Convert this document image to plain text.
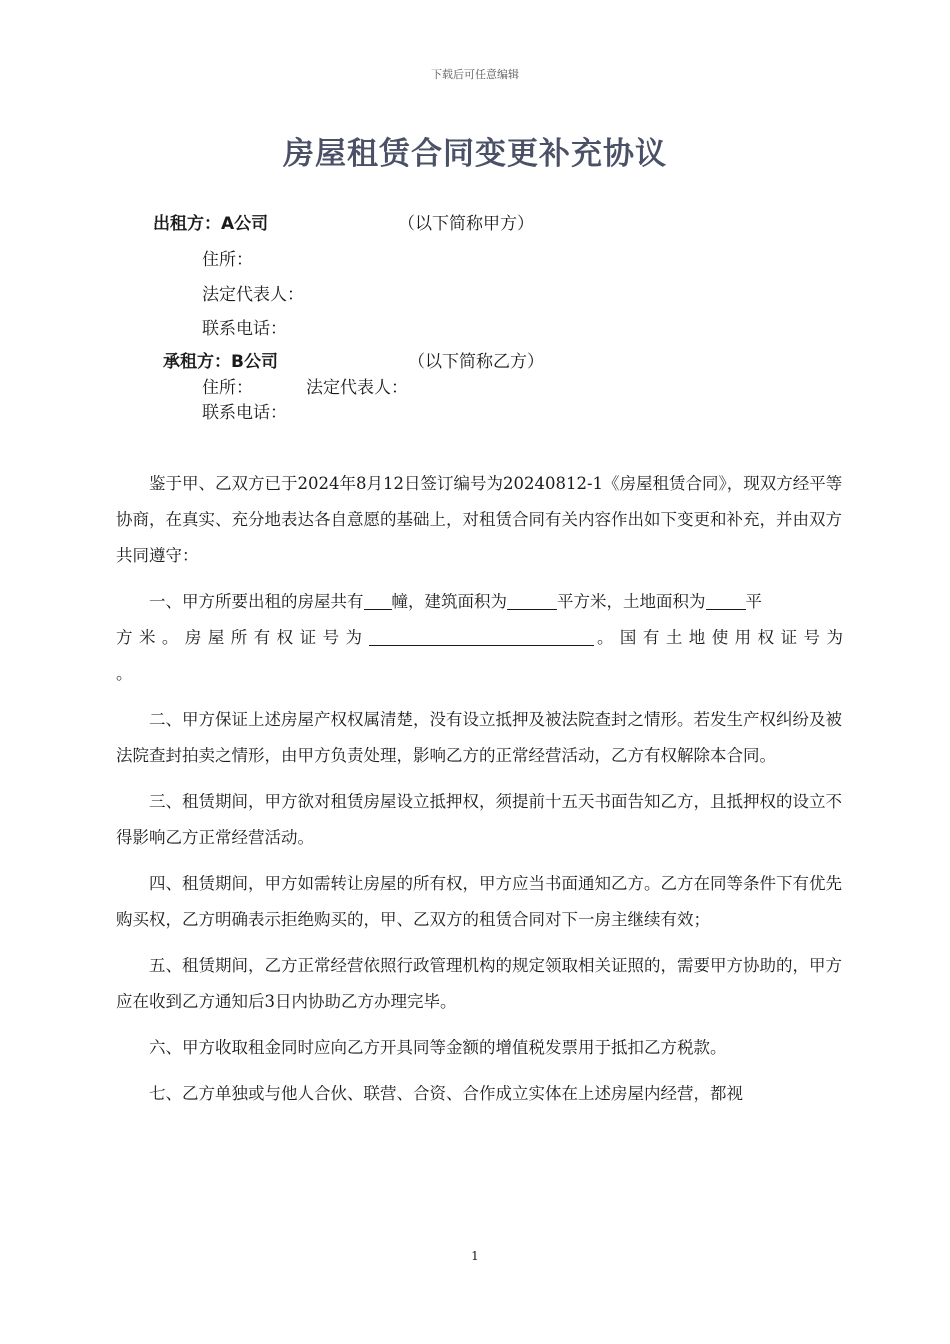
下载后可任意编辑
房屋租赁合同变更补充协议
出租方：A公司	（以下简称甲方）
住所：
法定代表人：
联系电话：
承租方：B公司	（以下简称乙方）
住所：	法定代表人：
联系电话：

鉴于甲、乙双方已于2024年8月12日签订编号为20240812-1《房屋租赁合同》，现双方经平等协商，在真实、充分地表达各自意愿的基础上，对租赁合同有关内容作出如下变更和补充，并由双方共同遵守：

一、甲方所要出租的房屋共有 幢，建筑面积为	平方米，土地面积为 平
方米。房屋所有权证号为	。国有土地使用权证号为
。

二、甲方保证上述房屋产权权属清楚，没有设立抵押及被法院查封之情形。若发生产权纠纷及被法院查封拍卖之情形，由甲方负责处理，影响乙方的正常经营活动，乙方有权解除本合同。

三、租赁期间，甲方欲对租赁房屋设立抵押权，须提前十五天书面告知乙方，且抵押权的设立不得影响乙方正常经营活动。

四、租赁期间，甲方如需转让房屋的所有权，甲方应当书面通知乙方。乙方在同等条件下有优先购买权，乙方明确表示拒绝购买的，甲、乙双方的租赁合同对下一房主继续有效；

五、租赁期间，乙方正常经营依照行政管理机构的规定领取相关证照的，需要甲方协助的，甲方应在收到乙方通知后3日内协助乙方办理完毕。

六、甲方收取租金同时应向乙方开具同等金额的增值税发票用于抵扣乙方税款。

七、乙方单独或与他人合伙、联营、合资、合作成立实体在上述房屋内经营，都视

1
